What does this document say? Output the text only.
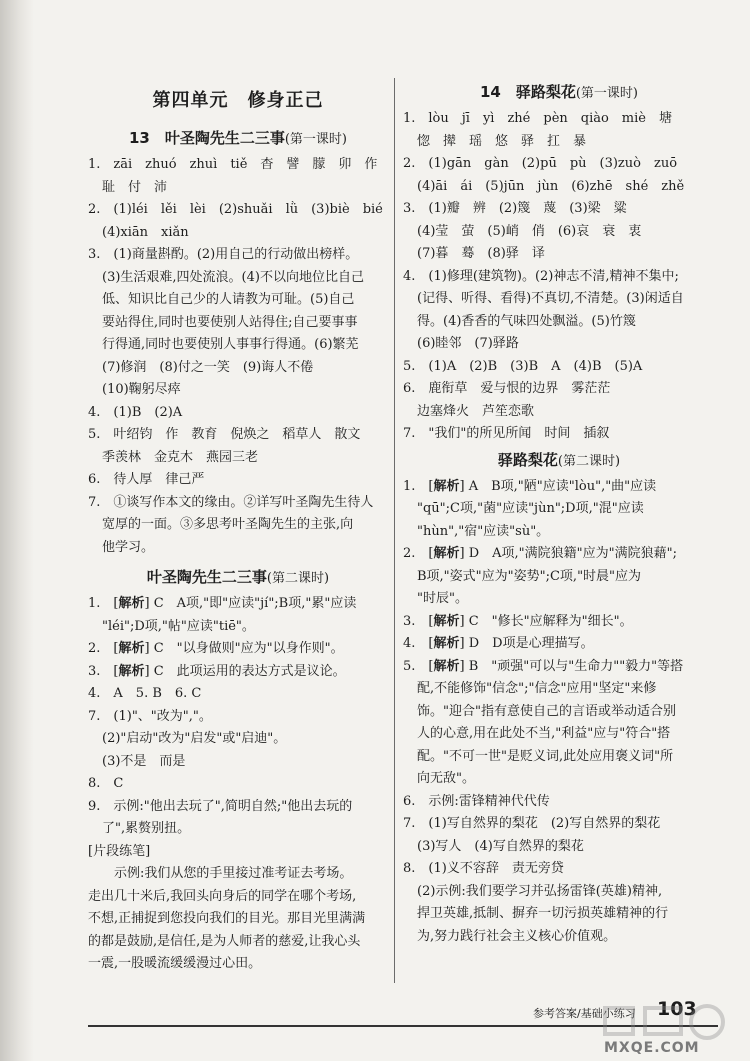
第四单元　修身正己
13　叶圣陶先生二三事(第一课时)
1.　zāi　zhuó　zhuì　tiě　杳　譬　朦　卯　作
耻　付　沛
2.　(1)léi　lěi　lèi　(2)shuǎi　lǜ　(3)biè　bié
(4)xiān　xiǎn
3.　(1)商量斟酌。(2)用自己的行动做出榜样。
(3)生活艰难,四处流浪。(4)不以向地位比自己
低、知识比自己少的人请教为可耻。(5)自己
要站得住,同时也要使别人站得住;自己要事事
行得通,同时也要使别人事事行得通。(6)繁芜
(7)修润　(8)付之一笑　(9)诲人不倦
(10)鞠躬尽瘁
4.　(1)B　(2)A
5.　叶绍钧　作　教育　倪焕之　稻草人　散文
季羡林　金克木　燕园三老
6.　待人厚　律己严
7.　①谈写作本文的缘由。②详写叶圣陶先生待人
宽厚的一面。③多思考叶圣陶先生的主张,向
他学习。
叶圣陶先生二三事(第二课时)
1.　[解析] C　A项,"即"应读"jí";B项,"累"应读
"léi";D项,"帖"应读"tiē"。
2.　[解析] C　"以身做则"应为"以身作则"。
3.　[解析] C　此项运用的表达方式是议论。
4.　A　5. B　6. C
7.　(1)"、"改为","。
(2)"启动"改为"启发"或"启迪"。
(3)不是　而是
8.　C
9.　示例:"他出去玩了",简明自然;"他出去玩的
了",累赘别扭。
[片段练笔]
示例:我们从您的手里接过准考证去考场。
走出几十米后,我回头向身后的同学在哪个考场,
不想,正捕捉到您投向我们的目光。那目光里满满
的都是鼓励,是信任,是为人师者的慈爱,让我心头
一震,一股暖流缓缓漫过心田。
14　驿路梨花(第一课时)
1.　lòu　jī　yì　zhé　pèn　qiào　miè　塘
惚　撵　瑶　悠　驿　扛　暴
2.　(1)gān　gàn　(2)pū　pù　(3)zuò　zuō
(4)āi　ái　(5)jūn　jùn　(6)zhē　shé　zhě
3.　(1)瓣　辨　(2)篾　蔑　(3)梁　粱
(4)莹　萤　(5)峭　俏　(6)哀　衰　衷
(7)暮　蓦　(8)驿　译
4.　(1)修理(建筑物)。(2)神志不清,精神不集中;
(记得、听得、看得)不真切,不清楚。(3)闲适自
得。(4)香香的气味四处飘溢。(5)竹篾
(6)睦邻　(7)驿路
5.　(1)A　(2)B　(3)B　A　(4)B　(5)A
6.　鹿衔草　爱与恨的边界　雾茫茫
边塞烽火　芦笙恋歌
7.　"我们"的所见所闻　时间　插叙
驿路梨花(第二课时)
1.　[解析] A　B项,"陋"应读"lòu","曲"应读
"qū";C项,"菌"应读"jùn";D项,"混"应读
"hùn","宿"应读"sù"。
2.　[解析] D　A项,"满院狼籍"应为"满院狼藉";
B项,"姿式"应为"姿势";C项,"时晨"应为
"时辰"。
3.　[解析] C　"修长"应解释为"细长"。
4.　[解析] D　D项是心理描写。
5.　[解析] B　"顽强"可以与"生命力""毅力"等搭
配,不能修饰"信念";"信念"应用"坚定"来修
饰。"迎合"指有意使自己的言语或举动适合别
人的心意,用在此处不当,"利益"应与"符合"搭
配。"不可一世"是贬义词,此处应用褒义词"所
向无敌"。
6.　示例:雷锋精神代代传
7.　(1)写自然界的梨花　(2)写自然界的梨花
(3)写人　(4)写自然界的梨花
8.　(1)义不容辞　责无旁贷
(2)示例:我们要学习并弘扬雷锋(英雄)精神,
捍卫英雄,抵制、摒弃一切污损英雄精神的行
为,努力践行社会主义核心价值观。
参考答案/基础小练习 103
MXQE.COM
